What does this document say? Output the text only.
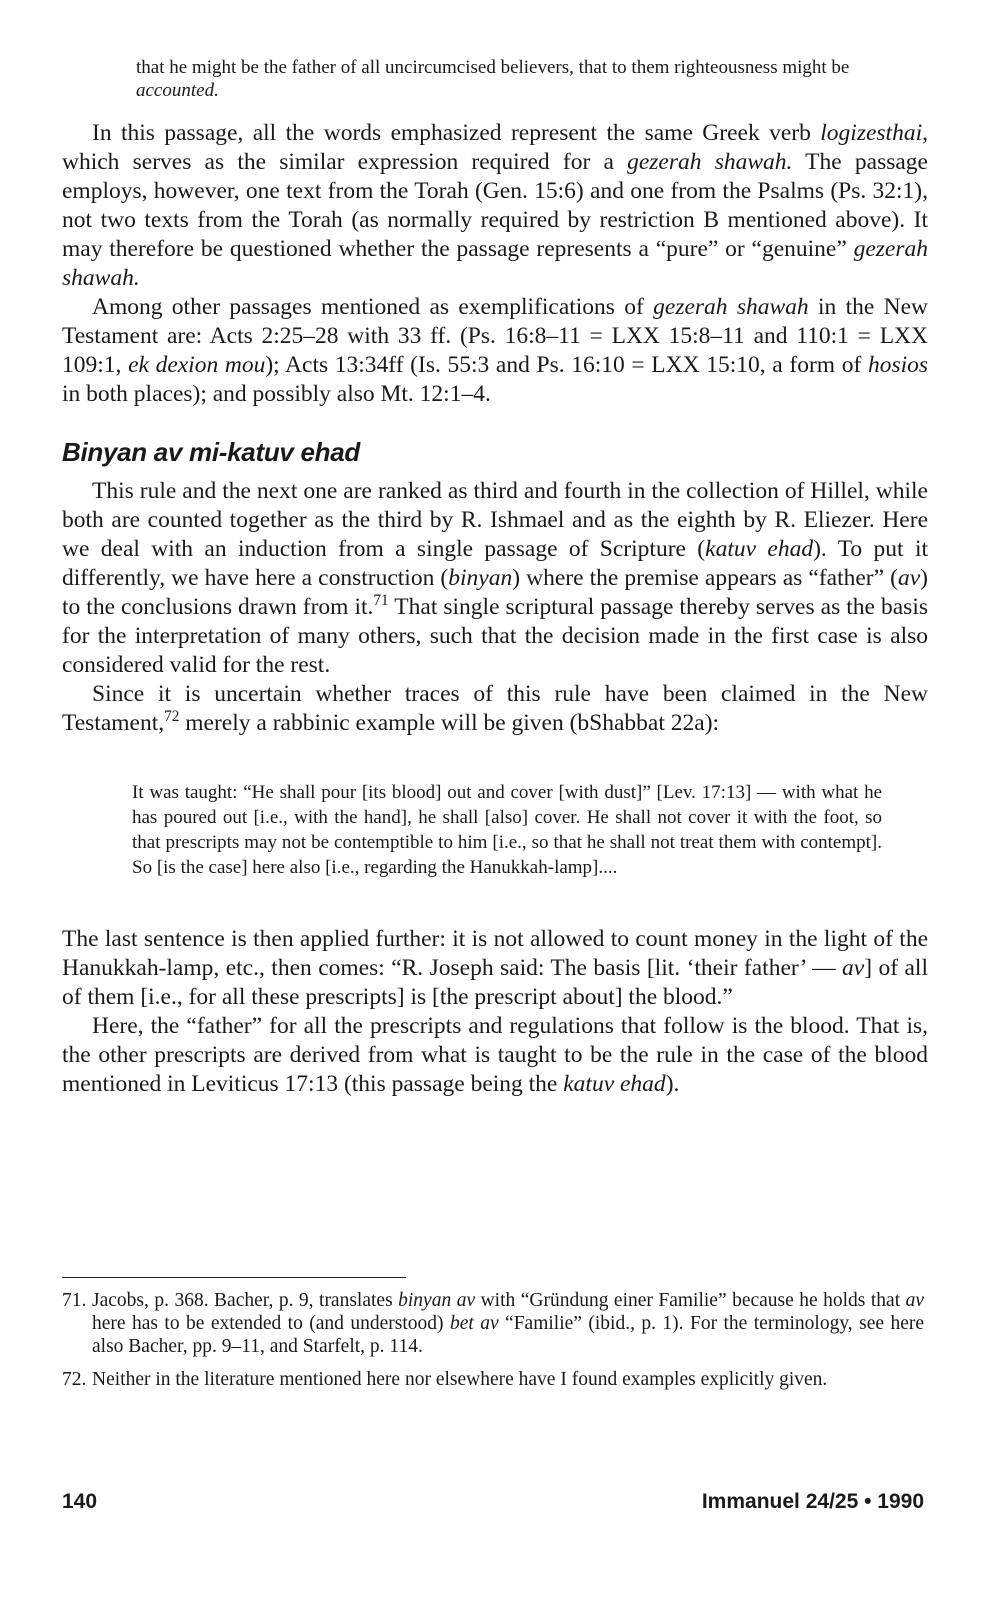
that he might be the father of all uncircumcised believers, that to them righteousness might be accounted.

In this passage, all the words emphasized represent the same Greek verb logizesthai, which serves as the similar expression required for a gezerah shawah. The passage employs, however, one text from the Torah (Gen. 15:6) and one from the Psalms (Ps. 32:1), not two texts from the Torah (as normally required by restriction B mentioned above). It may therefore be questioned whether the passage represents a “pure” or “genuine” gezerah shawah.

Among other passages mentioned as exemplifications of gezerah shawah in the New Testament are: Acts 2:25–28 with 33 ff. (Ps. 16:8–11 = LXX 15:8–11 and 110:1 = LXX 109:1, ek dexion mou); Acts 13:34ff (Is. 55:3 and Ps. 16:10 = LXX 15:10, a form of hosios in both places); and possibly also Mt. 12:1–4.

Binyan av mi-katuv ehad

This rule and the next one are ranked as third and fourth in the collection of Hillel, while both are counted together as the third by R. Ishmael and as the eighth by R. Eliezer. Here we deal with an induction from a single passage of Scripture (katuv ehad). To put it differently, we have here a construction (binyan) where the premise appears as “father” (av) to the conclusions drawn from it.$^{71}$ That single scriptural passage thereby serves as the basis for the interpretation of many others, such that the decision made in the first case is also considered valid for the rest.

Since it is uncertain whether traces of this rule have been claimed in the New Testament,$^{72}$ merely a rabbinic example will be given (bShabbat 22a):

It was taught: “He shall pour [its blood] out and cover [with dust]” [Lev. 17:13] — with what he has poured out [i.e., with the hand], he shall [also] cover. He shall not cover it with the foot, so that prescripts may not be contemptible to him [i.e., so that he shall not treat them with contempt]. So [is the case] here also [i.e., regarding the Hanukkah-lamp]....

The last sentence is then applied further: it is not allowed to count money in the light of the Hanukkah-lamp, etc., then comes: “R. Joseph said: The basis [lit. ‘their father’ — av] of all of them [i.e., for all these prescripts] is [the prescript about] the blood.”

Here, the “father” for all the prescripts and regulations that follow is the blood. That is, the other prescripts are derived from what is taught to be the rule in the case of the blood mentioned in Leviticus 17:13 (this passage being the katuv ehad).

71. Jacobs, p. 368. Bacher, p. 9, translates binyan av with “Gründung einer Familie” because he holds that av here has to be extended to (and understood) bet av “Familie” (ibid., p. 1). For the terminology, see here also Bacher, pp. 9–11, and Starfelt, p. 114.

72. Neither in the literature mentioned here nor elsewhere have I found examples explicitly given.

140	Immanuel 24/25 • 1990
